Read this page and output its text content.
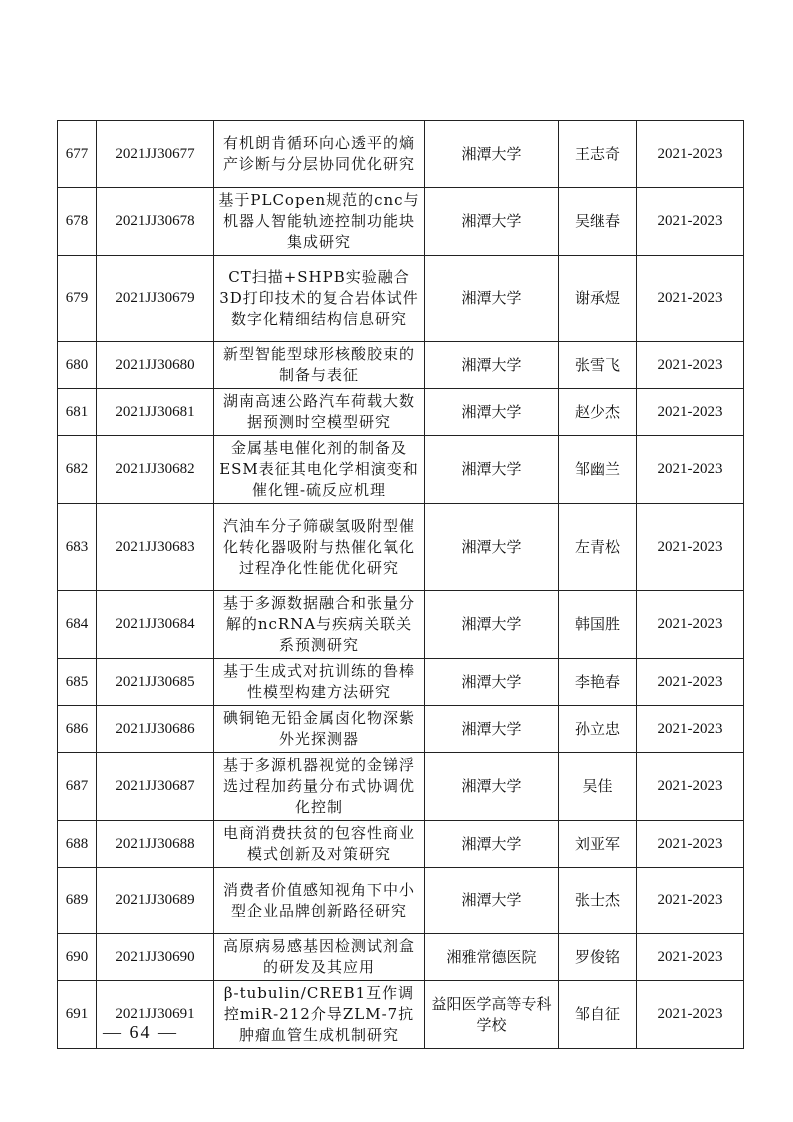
677	2021JJ30677	有机朗肯循环向心透平的熵产诊断与分层协同优化研究	湘潭大学	王志奇	2021-2023
678	2021JJ30678	基于PLCopen规范的cnc与机器人智能轨迹控制功能块集成研究	湘潭大学	吴继春	2021-2023
679	2021JJ30679	CT扫描+SHPB实验融合3D打印技术的复合岩体试件数字化精细结构信息研究	湘潭大学	谢承煜	2021-2023
680	2021JJ30680	新型智能型球形核酸胶束的制备与表征	湘潭大学	张雪飞	2021-2023
681	2021JJ30681	湖南高速公路汽车荷载大数据预测时空模型研究	湘潭大学	赵少杰	2021-2023
682	2021JJ30682	金属基电催化剂的制备及ESM表征其电化学相演变和催化锂-硫反应机理	湘潭大学	邹幽兰	2021-2023
683	2021JJ30683	汽油车分子筛碳氢吸附型催化转化器吸附与热催化氧化过程净化性能优化研究	湘潭大学	左青松	2021-2023
684	2021JJ30684	基于多源数据融合和张量分解的ncRNA与疾病关联关系预测研究	湘潭大学	韩国胜	2021-2023
685	2021JJ30685	基于生成式对抗训练的鲁棒性模型构建方法研究	湘潭大学	李艳春	2021-2023
686	2021JJ30686	碘铜铯无铅金属卤化物深紫外光探测器	湘潭大学	孙立忠	2021-2023
687	2021JJ30687	基于多源机器视觉的金锑浮选过程加药量分布式协调优化控制	湘潭大学	吴佳	2021-2023
688	2021JJ30688	电商消费扶贫的包容性商业模式创新及对策研究	湘潭大学	刘亚军	2021-2023
689	2021JJ30689	消费者价值感知视角下中小型企业品牌创新路径研究	湘潭大学	张士杰	2021-2023
690	2021JJ30690	高原病易感基因检测试剂盒的研发及其应用	湘雅常德医院	罗俊铭	2021-2023
691	2021JJ30691	β-tubulin/CREB1互作调控miR-212介导ZLM-7抗肿瘤血管生成机制研究	益阳医学高等专科学校	邹自征	2021-2023
— 64 —
